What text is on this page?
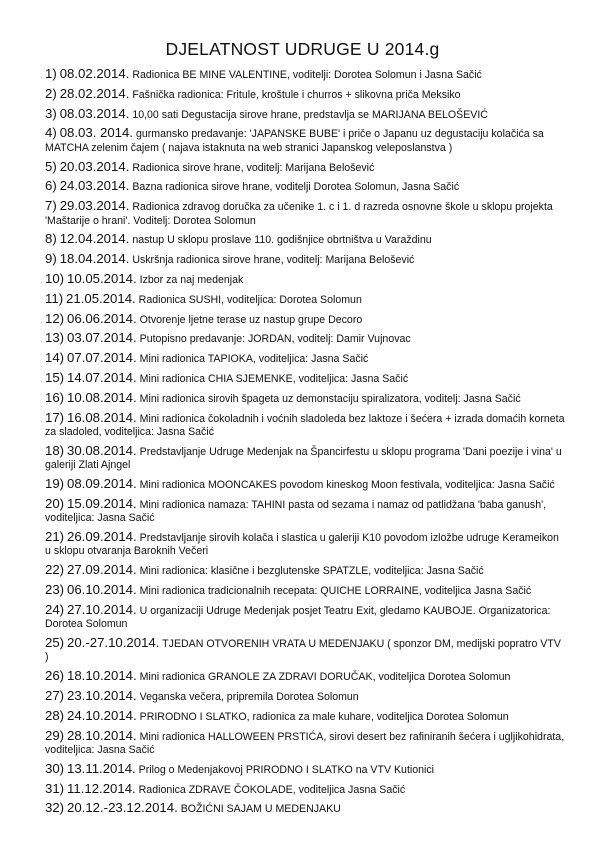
DJELATNOST UDRUGE U 2014.g
1) 08.02.2014. Radionica BE MINE VALENTINE, voditelji: Dorotea Solomun i Jasna Sačić
2) 28.02.2014. Fašnička radionica: Fritule, kroštule i churros + slikovna priča Meksiko
3) 08.03.2014. 10,00 sati Degustacija sirove hrane, predstavlja se MARIJANA BELOŠEVIĆ
4) 08.03. 2014. gurmansko predavanje: 'JAPANSKE BUBE' i priče o Japanu uz degustaciju kolačića sa MATCHA zelenim čajem ( najava istaknuta na web stranici Japanskog veleposlanstva )
5) 20.03.2014. Radionica sirove hrane, voditelj: Marijana Belošević
6) 24.03.2014. Bazna radionica sirove hrane, voditelji Dorotea Solomun, Jasna Sačić
7) 29.03.2014. Radionica zdravog doručka za učenike 1. c i 1. d razreda osnovne škole u sklopu projekta 'Maštarije o hrani'. Voditelj: Dorotea Solomun
8) 12.04.2014. nastup U sklopu proslave 110. godišnjice obrtništva u Varaždinu
9) 18.04.2014. Uskršnja radionica sirove hrane, voditelj: Marijana Belošević
10) 10.05.2014. Izbor za naj medenjak
11) 21.05.2014. Radionica SUSHI, voditeljica: Dorotea Solomun
12) 06.06.2014. Otvorenje ljetne terase uz nastup grupe Decoro
13) 03.07.2014. Putopisno predavanje: JORDAN, voditelj: Damir Vujnovac
14) 07.07.2014. Mini radionica TAPIOKA, voditeljica: Jasna Sačić
15) 14.07.2014. Mini radionica CHIA SJEMENKE, voditeljica: Jasna Sačić
16) 10.08.2014. Mini radionica sirovih špageta uz demonstaciju spiralizatora, voditelj: Jasna Sačić
17) 16.08.2014. Mini radionica čokoladnih i voćnih sladoleda bez laktoze i šećera + izrada domaćih korneta za sladoled, voditeljica: Jasna Sačić
18) 30.08.2014. Predstavljanje Udruge Medenjak na Špancirfestu u sklopu programa 'Dani poezije i vina' u galeriji Zlati Ajngel
19) 08.09.2014. Mini radionica MOONCAKES povodom kineskog Moon festivala, voditeljica: Jasna Sačić
20) 15.09.2014. Mini radionica namaza: TAHINI pasta od sezama i namaz od patlidžana 'baba ganush', voditeljica: Jasna Sačić
21) 26.09.2014. Predstavljanje sirovih kolača i slastica u galeriji K10 povodom izložbe udruge Kerameikon u sklopu otvaranja Baroknih Večeri
22) 27.09.2014. Mini radionica: klasične i bezglutenske SPATZLE, voditeljica: Jasna Sačić
23) 06.10.2014. Mini radionica tradicionalnih recepata: QUICHE LORRAINE, voditeljica Jasna Sačić
24) 27.10.2014. U organizaciji Udruge Medenjak posjet Teatru Exit, gledamo KAUBOJE. Organizatorica: Dorotea Solomun
25) 20.-27.10.2014. TJEDAN OTVORENIH VRATA U MEDENJAKU ( sponzor DM, medijski popratro VTV )
26) 18.10.2014. Mini radionica GRANOLE ZA ZDRAVI DORUČAK, voditeljica Dorotea Solomun
27) 23.10.2014. Veganska večera, pripremila Dorotea Solomun
28) 24.10.2014. PRIRODNO I SLATKO, radionica za male kuhare, voditeljica Dorotea Solomun
29) 28.10.2014. Mini radionica HALLOWEEN PRSTIĆA, sirovi desert bez rafiniranih šećera i ugljikohidrata, voditeljica: Jasna Sačić
30) 13.11.2014. Prilog o Medenjakovoj PRIRODNO I SLATKO na VTV Kutionici
31) 11.12.2014. Radionica ZDRAVE ČOKOLADE, voditeljica Jasna Sačić
32) 20.12.-23.12.2014. BOŽIĆNI SAJAM U MEDENJAKU
